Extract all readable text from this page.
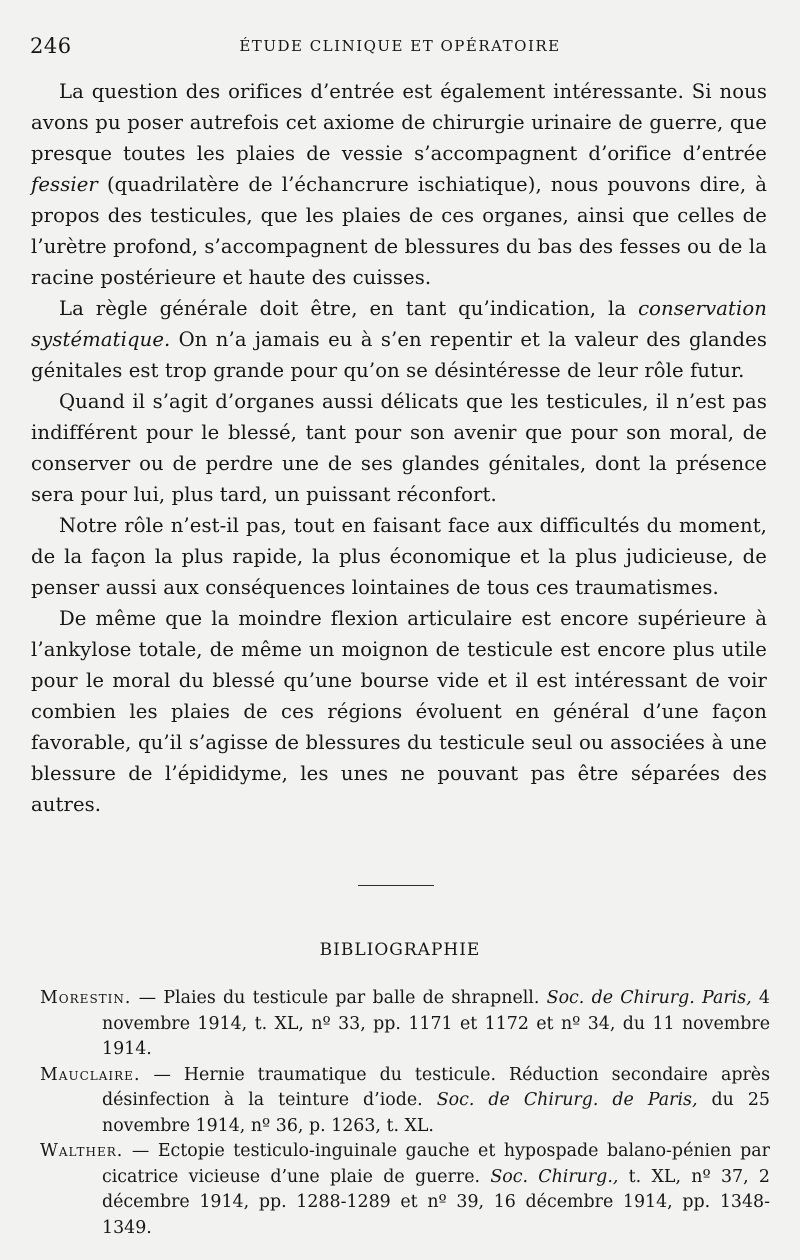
246	ÉTUDE CLINIQUE ET OPÉRATOIRE

La question des orifices d’entrée est également intéressante. Si nous avons pu poser autrefois cet axiome de chirurgie urinaire de guerre, que presque toutes les plaies de vessie s’accompagnent d’orifice d’entrée fessier (quadrilatère de l’échancrure ischiatique), nous pouvons dire, à propos des testicules, que les plaies de ces organes, ainsi que celles de l’urètre profond, s’accompagnent de blessures du bas des fesses ou de la racine postérieure et haute des cuisses.

La règle générale doit être, en tant qu’indication, la conservation systématique. On n’a jamais eu à s’en repentir et la valeur des glandes génitales est trop grande pour qu’on se désintéresse de leur rôle futur.

Quand il s’agit d’organes aussi délicats que les testicules, il n’est pas indifférent pour le blessé, tant pour son avenir que pour son moral, de conserver ou de perdre une de ses glandes génitales, dont la présence sera pour lui, plus tard, un puissant réconfort.

Notre rôle n’est-il pas, tout en faisant face aux difficultés du moment, de la façon la plus rapide, la plus économique et la plus judicieuse, de penser aussi aux conséquences lointaines de tous ces traumatismes.

De même que la moindre flexion articulaire est encore supérieure à l’ankylose totale, de même un moignon de testicule est encore plus utile pour le moral du blessé qu’une bourse vide et il est intéressant de voir combien les plaies de ces régions évoluent en général d’une façon favorable, qu’il s’agisse de blessures du testicule seul ou associées à une blessure de l’épididyme, les unes ne pouvant pas être séparées des autres.

BIBLIOGRAPHIE

Morestin. — Plaies du testicule par balle de shrapnell. Soc. de Chirurg. Paris, 4 novembre 1914, t. XL, nº 33, pp. 1171 et 1172 et nº 34, du 11 novembre 1914.

Mauclaire. — Hernie traumatique du testicule. Réduction secondaire après désinfection à la teinture d’iode. Soc. de Chirurg. de Paris, du 25 novembre 1914, nº 36, p. 1263, t. XL.

Walther. — Ectopie testiculo-inguinale gauche et hypospade balano-pénien par cicatrice vicieuse d’une plaie de guerre. Soc. Chirurg., t. XL, nº 37, 2 décembre 1914, pp. 1288-1289 et nº 39, 16 décembre 1914, pp. 1348-1349.
